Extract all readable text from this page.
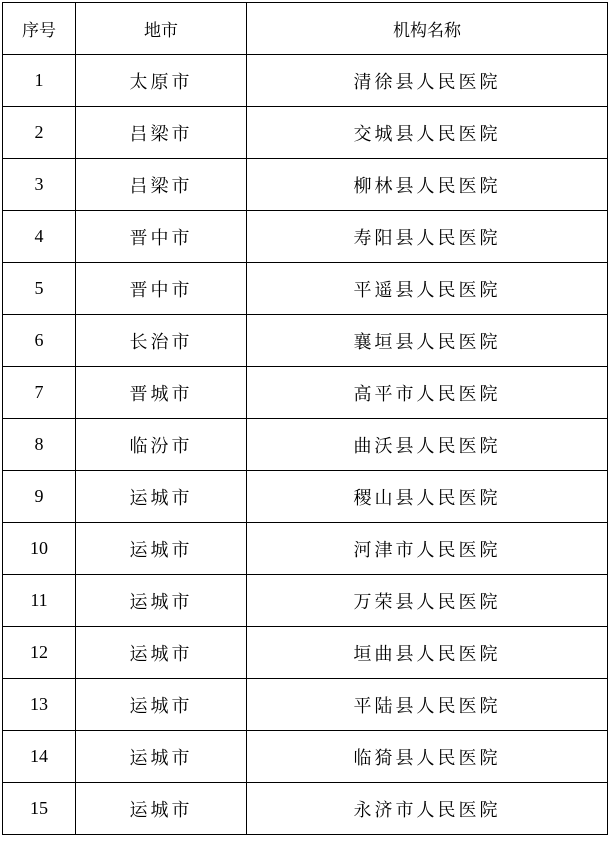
序号	地市	机构名称
1	太原市	清徐县人民医院
2	吕梁市	交城县人民医院
3	吕梁市	柳林县人民医院
4	晋中市	寿阳县人民医院
5	晋中市	平遥县人民医院
6	长治市	襄垣县人民医院
7	晋城市	高平市人民医院
8	临汾市	曲沃县人民医院
9	运城市	稷山县人民医院
10	运城市	河津市人民医院
11	运城市	万荣县人民医院
12	运城市	垣曲县人民医院
13	运城市	平陆县人民医院
14	运城市	临猗县人民医院
15	运城市	永济市人民医院
